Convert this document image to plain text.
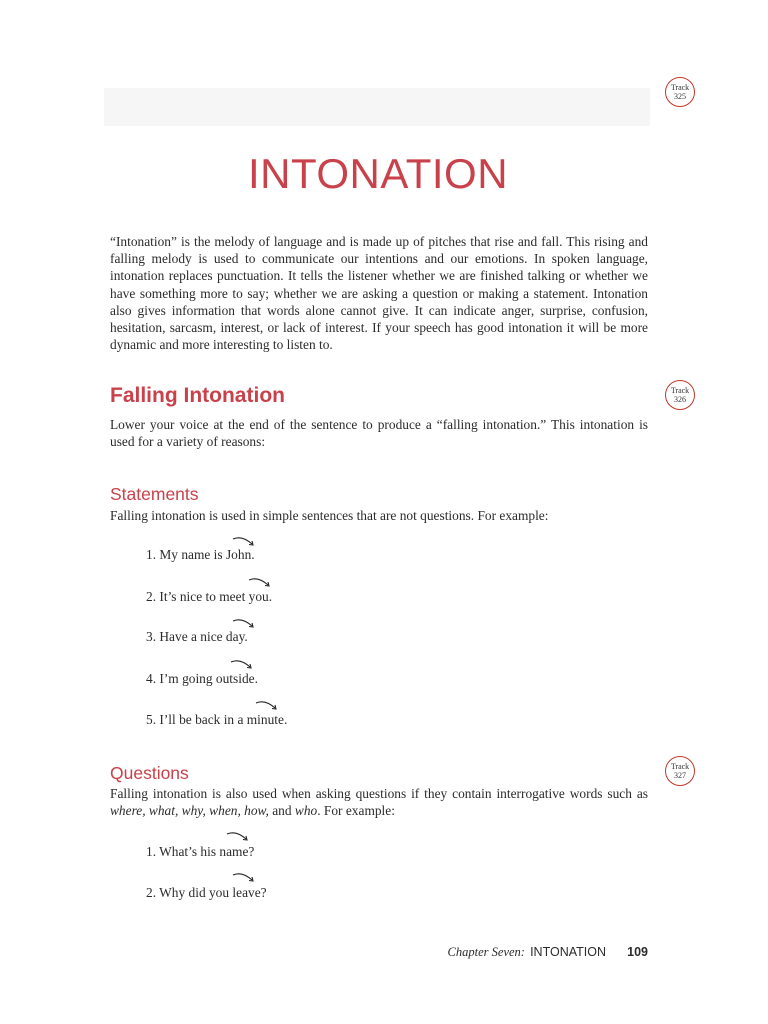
Track
325
INTONATION

“Intonation” is the melody of language and is made up of pitches that rise and fall. This rising and falling melody is used to communicate our intentions and our emotions. In spoken language, intonation replaces punctuation. It tells the listener whether we are finished talking or whether we have something more to say; whether we are asking a question or making a statement. Intonation also gives information that words alone cannot give. It can indicate anger, surprise, confusion, hesitation, sarcasm, interest, or lack of interest. If your speech has good intonation it will be more dynamic and more interesting to listen to.

Falling Intonation	Track
326

Lower your voice at the end of the sentence to produce a “falling intonation.” This intonation is used for a variety of reasons:

Statements

Falling intonation is used in simple sentences that are not questions. For example:

1. My name is John.
2. It’s nice to meet you.
3. Have a nice day.
4. I’m going outside.
5. I’ll be back in a minute.
Questions	Track
327

Falling intonation is also used when asking questions if they contain interrogative words such as where, what, why, when, how, and who. For example:

1. What’s his name?
2. Why did you leave?
Chapter Seven: INTONATION 109
